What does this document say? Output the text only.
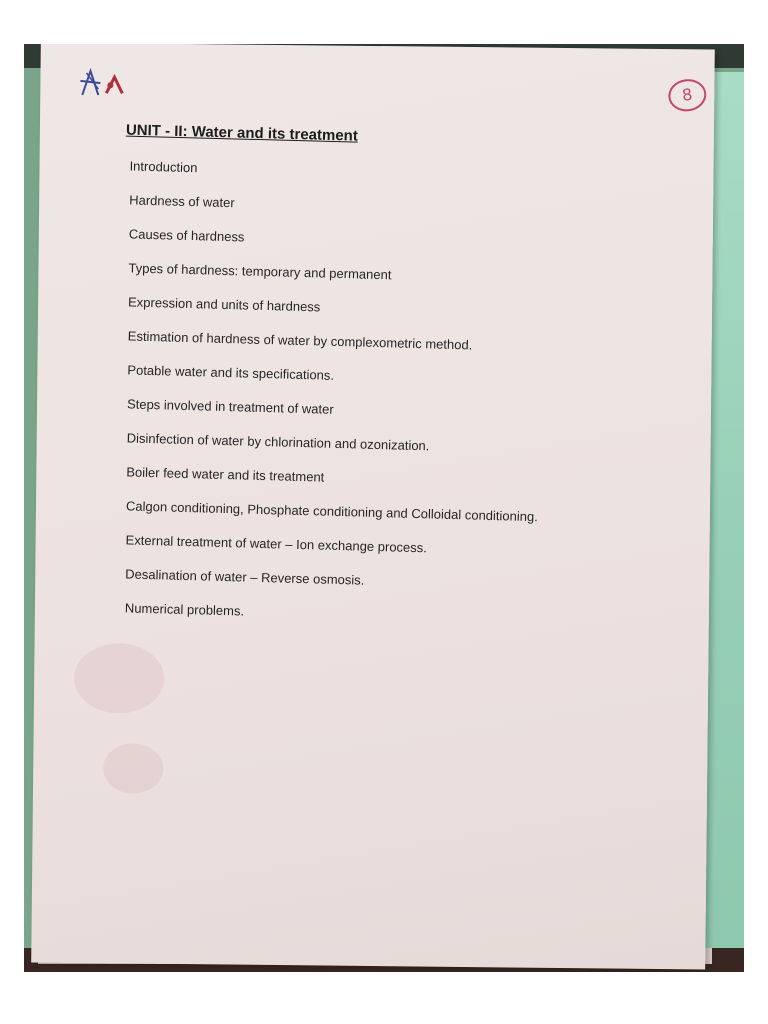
8
UNIT - II: Water and its treatment
Introduction
Hardness of water
Causes of hardness
Types of hardness: temporary and permanent
Expression and units of hardness
Estimation of hardness of water by complexometric method.
Potable water and its specifications.
Steps involved in treatment of water
Disinfection of water by chlorination and ozonization.
Boiler feed water and its treatment
Calgon conditioning, Phosphate conditioning and Colloidal conditioning.
External treatment of water – Ion exchange process.
Desalination of water – Reverse osmosis.
Numerical problems.
